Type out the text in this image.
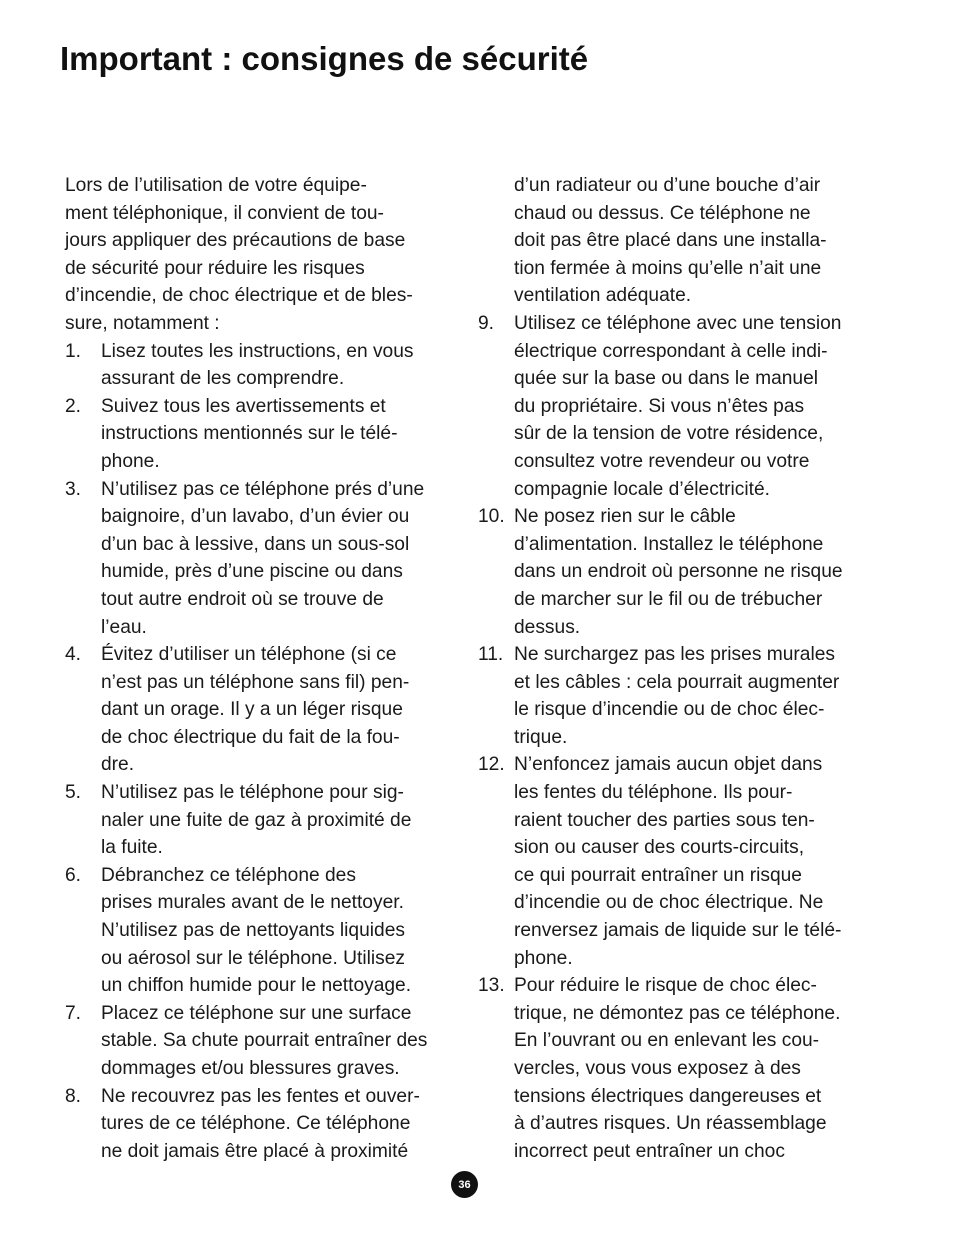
Important : consignes de sécurité
Lors de l’utilisation de votre équipe-
ment téléphonique, il convient de tou-
jours appliquer des précautions de base
de sécurité pour réduire les risques
d’incendie, de choc électrique et de bles-
sure, notamment :
1. Lisez toutes les instructions, en vous
assurant de les comprendre.
2. Suivez tous les avertissements et
instructions mentionnés sur le télé-
phone.
3. N’utilisez pas ce téléphone prés d’une
baignoire, d’un lavabo, d’un évier ou
d’un bac à lessive, dans un sous-sol
humide, près d’une piscine ou dans
tout autre endroit où se trouve de
l’eau.
4. Évitez d’utiliser un téléphone (si ce
n’est pas un téléphone sans fil) pen-
dant un orage. Il y a un léger risque
de choc électrique du fait de la fou-
dre.
5. N’utilisez pas le téléphone pour sig-
naler une fuite de gaz à proximité de
la fuite.
6. Débranchez ce téléphone des
prises murales avant de le nettoyer.
N’utilisez pas de nettoyants liquides
ou aérosol sur le téléphone. Utilisez
un chiffon humide pour le nettoyage.
7. Placez ce téléphone sur une surface
stable. Sa chute pourrait entraîner des
dommages et/ou blessures graves.
8. Ne recouvrez pas les fentes et ouver-
tures de ce téléphone. Ce téléphone
ne doit jamais être placé à proximité
d’un radiateur ou d’une bouche d’air
chaud ou dessus. Ce téléphone ne
doit pas être placé dans une installa-
tion fermée à moins qu’elle n’ait une
ventilation adéquate.
9. Utilisez ce téléphone avec une tension
électrique correspondant à celle indi-
quée sur la base ou dans le manuel
du propriétaire. Si vous n’êtes pas
sûr de la tension de votre résidence,
consultez votre revendeur ou votre
compagnie locale d’électricité.
10. Ne posez rien sur le câble
d’alimentation. Installez le téléphone
dans un endroit où personne ne risque
de marcher sur le fil ou de trébucher
dessus.
11. Ne surchargez pas les prises murales
et les câbles : cela pourrait augmenter
le risque d’incendie ou de choc élec-
trique.
12. N’enfoncez jamais aucun objet dans
les fentes du téléphone. Ils pour-
raient toucher des parties sous ten-
sion ou causer des courts-circuits,
ce qui pourrait entraîner un risque
d’incendie ou de choc électrique. Ne
renversez jamais de liquide sur le télé-
phone.
13. Pour réduire le risque de choc élec-
trique, ne démontez pas ce téléphone.
En l’ouvrant ou en enlevant les cou-
vercles, vous vous exposez à des
tensions électriques dangereuses et
à d’autres risques. Un réassemblage
incorrect peut entraîner un choc
36
